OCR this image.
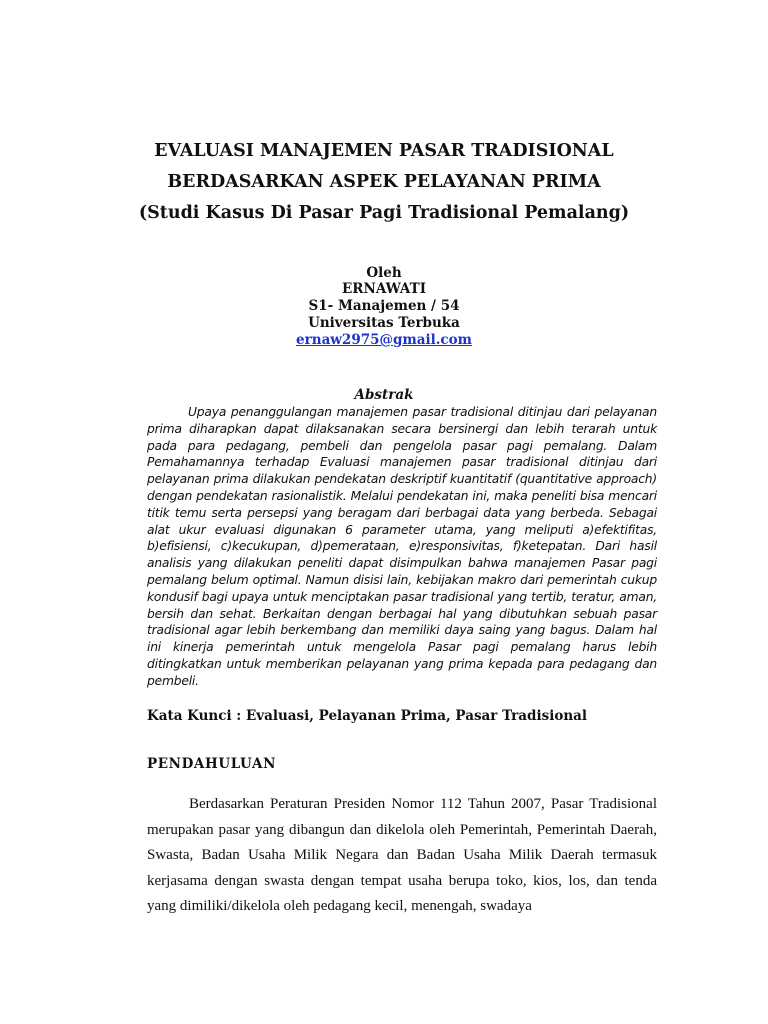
EVALUASI MANAJEMEN PASAR TRADISIONAL
BERDASARKAN ASPEK PELAYANAN PRIMA
(Studi Kasus Di Pasar Pagi Tradisional Pemalang)
Oleh
ERNAWATI
S1- Manajemen / 54
Universitas Terbuka
ernaw2975@gmail.com
Abstrak

Upaya penanggulangan manajemen pasar tradisional ditinjau dari pelayanan prima diharapkan dapat dilaksanakan secara bersinergi dan lebih terarah untuk pada para pedagang, pembeli dan pengelola pasar pagi pemalang. Dalam Pemahamannya terhadap Evaluasi manajemen pasar tradisional ditinjau dari pelayanan prima dilakukan pendekatan deskriptif kuantitatif (quantitative approach) dengan pendekatan rasionalistik. Melalui pendekatan ini, maka peneliti bisa mencari titik temu serta persepsi yang beragam dari berbagai data yang berbeda. Sebagai alat ukur evaluasi digunakan 6 parameter utama, yang meliputi a)efektifitas, b)efisiensi, c)kecukupan, d)pemerataan, e)responsivitas, f)ketepatan. Dari hasil analisis yang dilakukan peneliti dapat disimpulkan bahwa manajemen Pasar pagi pemalang belum optimal. Namun disisi lain, kebijakan makro dari pemerintah cukup kondusif bagi upaya untuk menciptakan pasar tradisional yang tertib, teratur, aman, bersih dan sehat. Berkaitan dengan berbagai hal yang dibutuhkan sebuah pasar tradisional agar lebih berkembang dan memiliki daya saing yang bagus. Dalam hal ini kinerja pemerintah untuk mengelola Pasar pagi pemalang harus lebih ditingkatkan untuk memberikan pelayanan yang prima kepada para pedagang dan pembeli.

Kata Kunci : Evaluasi, Pelayanan Prima, Pasar Tradisional
PENDAHULUAN

Berdasarkan Peraturan Presiden Nomor 112 Tahun 2007, Pasar Tradisional merupakan pasar yang dibangun dan dikelola oleh Pemerintah, Pemerintah Daerah, Swasta, Badan Usaha Milik Negara dan Badan Usaha Milik Daerah termasuk kerjasama dengan swasta dengan tempat usaha berupa toko, kios, los, dan tenda yang dimiliki/dikelola oleh pedagang kecil, menengah, swadaya
